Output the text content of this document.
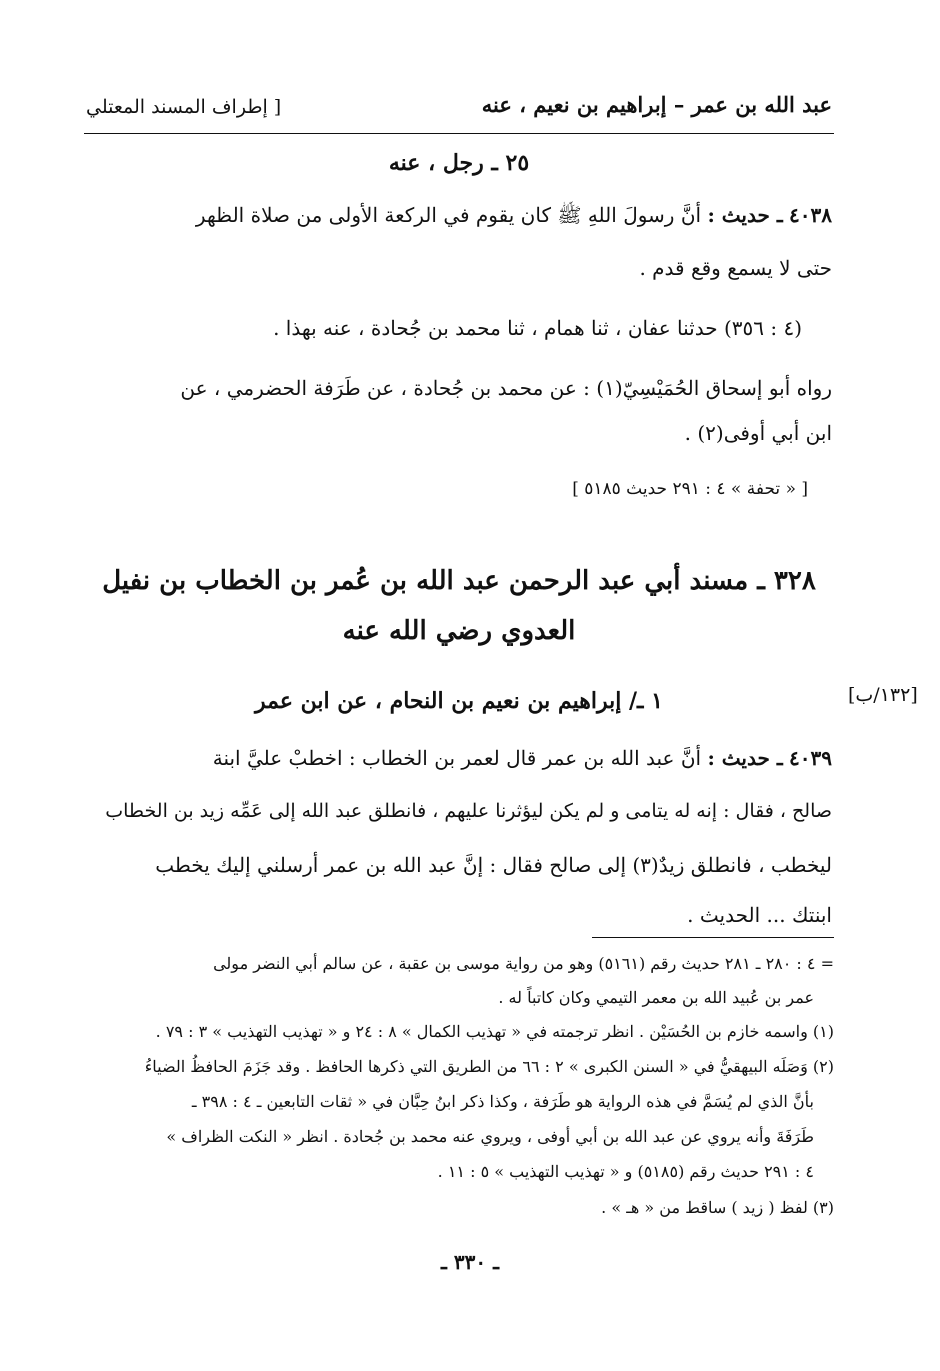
عبد الله بن عمر – إبراهيم بن نعيم ، عنه
[ إطراف المسند المعتلي
٢٥ ـ رجل ، عنه
٤٠٣٨ ـ حديث : أنَّ رسولَ اللهِ ﷺ كان يقوم في الركعة الأولى من صلاة الظهر
حتى لا يسمع وقع قدم .
(٤ : ٣٥٦) حدثنا عفان ، ثنا همام ، ثنا محمد بن جُحادة ، عنه بهذا .
رواه أبو إسحاق الحُمَيْسِيّ(١) : عن محمد بن جُحادة ، عن طَرَفة الحضرمي ، عن
ابن أبي أوفى(٢) .
[ « تحفة » ٤ : ٢٩١ حديث ٥١٨٥ ]
٣٢٨ ـ مسند أبي عبد الرحمن عبد الله بن عُمر بن الخطاب بن نفيل
العدوي رضي الله عنه
[١٣٢/ب]
١ ـ/ إبراهيم بن نعيم بن النحام ، عن ابن عمر
٤٠٣٩ ـ حديث : أنَّ عبد الله بن عمر قال لعمر بن الخطاب : اخطبْ عليَّ ابنة
صالح ، فقال : إنه له يتامى و لم يكن ليؤثرنا عليهم ، فانطلق عبد الله إلى عَمِّه زيد بن الخطاب
ليخطب ، فانطلق زيدٌ(٣) إلى صالح فقال : إنَّ عبد الله بن عمر أرسلني إليك يخطب
ابنتك ... الحديث .
= ٤ : ٢٨٠ ـ ٢٨١ حديث رقم (٥١٦١) وهو من رواية موسى بن عقبة ، عن سالم أبي النضر مولى
عمر بن عُبيد الله بن معمر التيمي وكان كاتباً له .
(١) واسمه خازم بن الحُسَيْن . انظر ترجمته في « تهذيب الكمال » ٨ : ٢٤ و « تهذيب التهذيب » ٣ : ٧٩ .
(٢) وَصَلَه البيهقيُّ في « السنن الكبرى » ٢ : ٦٦ من الطريق التي ذكرها الحافظ . وقد جَزَمَ الحافظُ الضياءُ
بأنَّ الذي لم يُسَمَّ في هذه الرواية هو طَرَفة ، وكذا ذكر ابنُ حِبَّان في « ثقات التابعين ـ ٤ : ٣٩٨ ـ
طَرَفَةَ وأنه يروي عن عبد الله بن أبي أوفى ، ويروي عنه محمد بن جُحادة . انظر « النكت الظراف »
٤ : ٢٩١ حديث رقم (٥١٨٥) و « تهذيب التهذيب » ٥ : ١١ .
(٣) لفظ ( زيد ) ساقط من « هـ » .
ـ ٣٣٠ ـ
